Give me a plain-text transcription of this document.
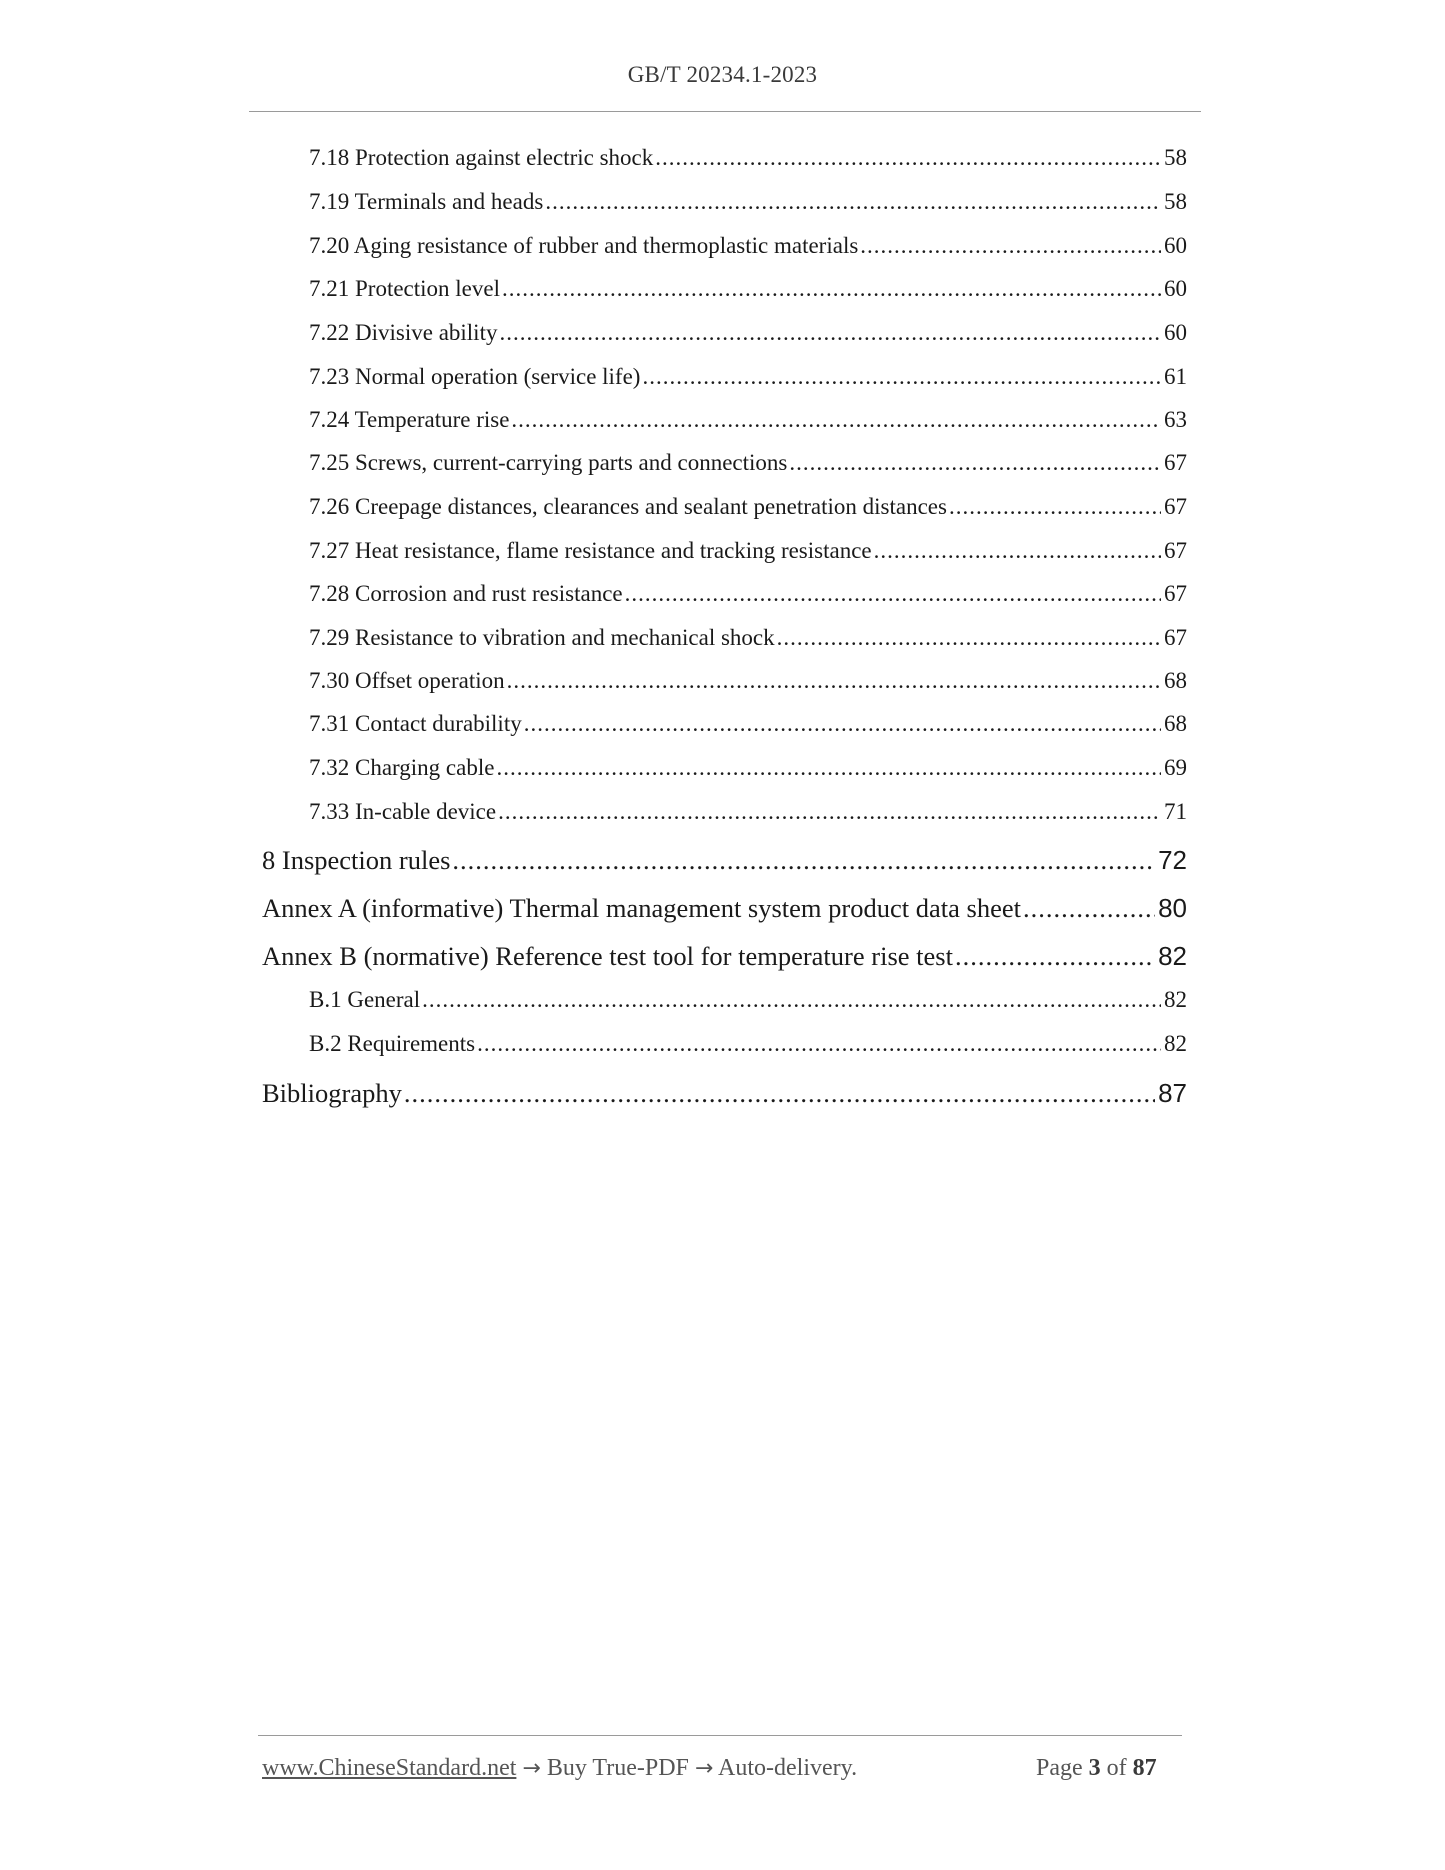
GB/T 20234.1-2023
7.18 Protection against electric shock .....	58
7.19 Terminals and heads .....	58
7.20 Aging resistance of rubber and thermoplastic materials .....	60
7.21 Protection level .....	60
7.22 Divisive ability .....	60
7.23 Normal operation (service life) .....	61
7.24 Temperature rise .....	63
7.25 Screws, current-carrying parts and connections .....	67
7.26 Creepage distances, clearances and sealant penetration distances .....	67
7.27 Heat resistance, flame resistance and tracking resistance .....	67
7.28 Corrosion and rust resistance .....	67
7.29 Resistance to vibration and mechanical shock .....	67
7.30 Offset operation .....	68
7.31 Contact durability .....	68
7.32 Charging cable .....	69
7.33 In-cable device .....	71
8 Inspection rules .....	72
Annex A (informative) Thermal management system product data sheet .....	80
Annex B (normative) Reference test tool for temperature rise test .....	82
B.1 General .....	82
B.2 Requirements .....	82
Bibliography .....	87
www.ChineseStandard.net → Buy True-PDF → Auto-delivery.	Page 3 of 87
